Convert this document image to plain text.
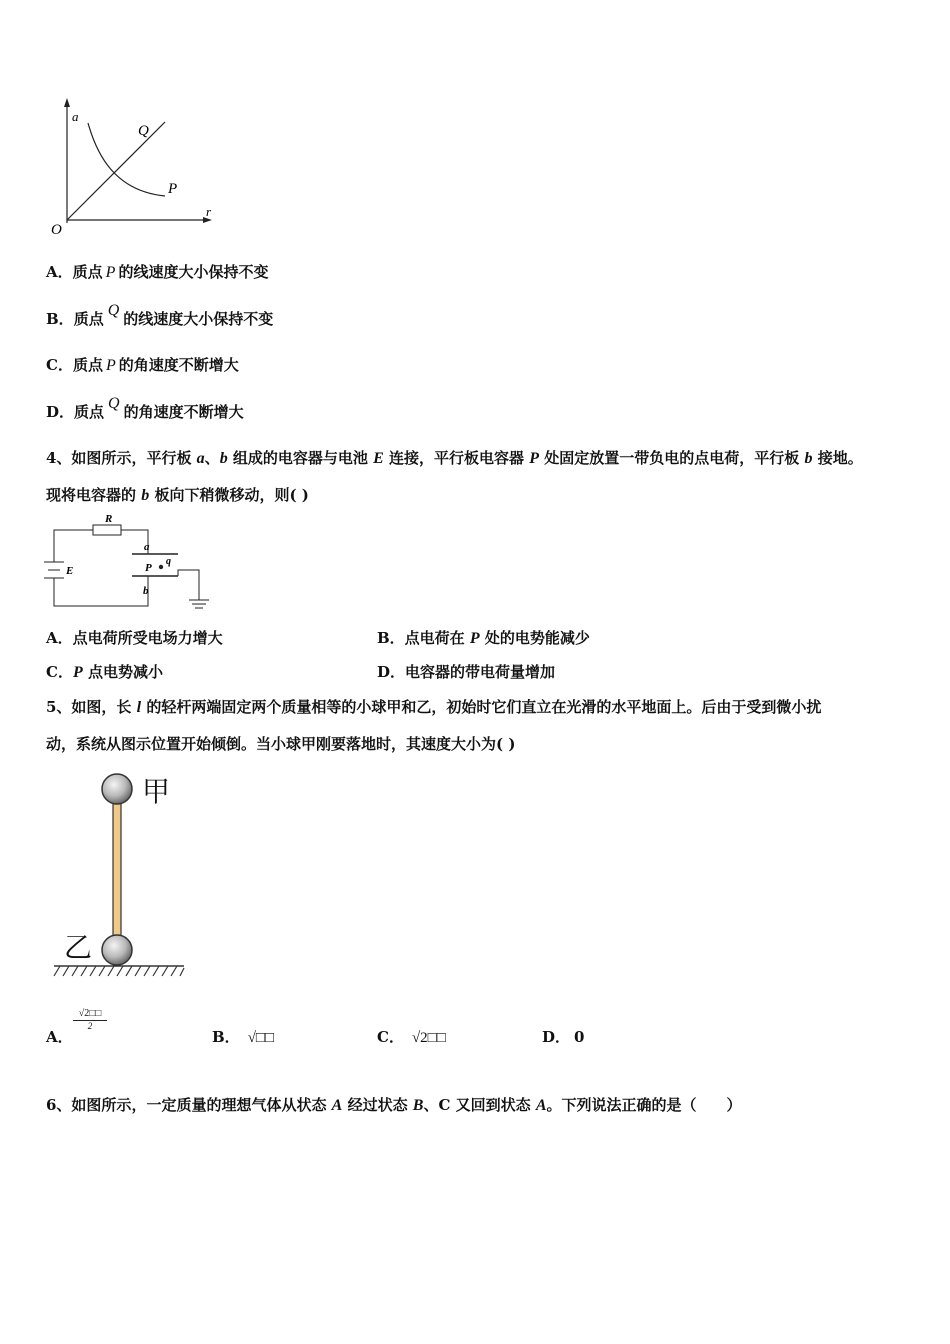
a
r
O
Q
P
A．质点 P 的线速度大小保持不变
B．质点 Q 的线速度大小保持不变
C．质点 P 的角速度不断增大
D．质点 Q 的角速度不断增大
4、如图所示，平行板 a、b 组成的电容器与电池 E 连接，平行板电容器 P 处固定放置一带负电的点电荷，平行板 b 接地。
现将电容器的 b 板向下稍微移动，则( )
R
a
b
E	P
q
A．点电荷所受电场力增大	B．点电荷在 P 处的电势能减少
C．P 点电势减小	D．电容器的带电荷量增加
5、如图，长 l 的轻杆两端固定两个质量相等的小球甲和乙，初始时它们直立在光滑的水平地面上。后由于受到微小扰
动，系统从图示位置开始倾倒。当小球甲刚要落地时，其速度大小为( )
甲
乙
A．
$\frac{√2□□}{2}$
B． √□□	C． √2□□	D． 0
6、如图所示，一定质量的理想气体从状态 A 经过状态 B、C 又回到状态 A。下列说法正确的是（　　）
